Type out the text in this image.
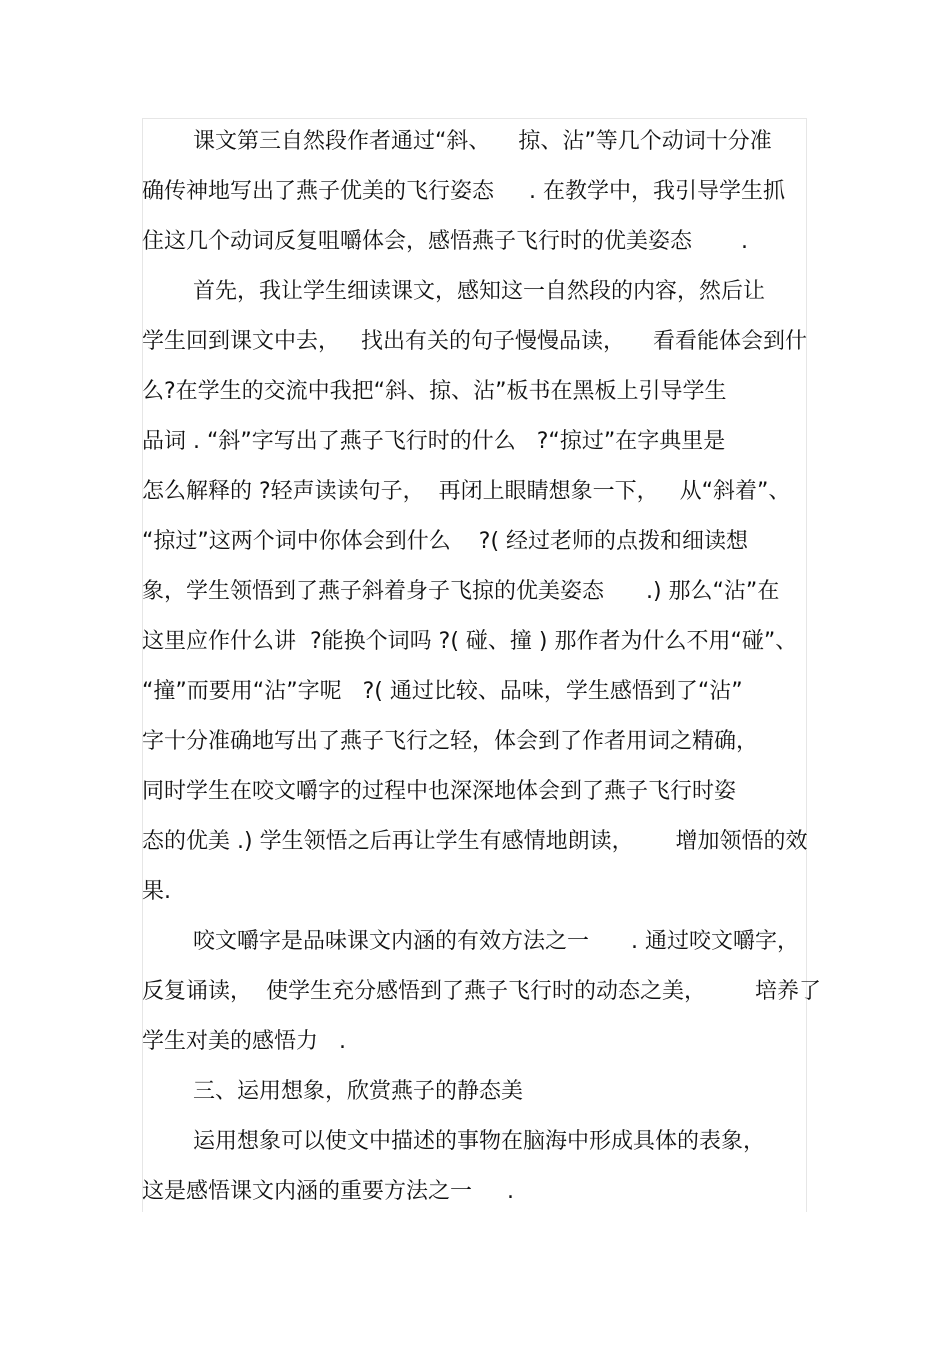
课文第三自然段作者通过“斜、    掠、沾”等几个动词十分准
确传神地写出了燕子优美的飞行姿态     . 在教学中，我引导学生抓
住这几个动词反复咀嚼体会，感悟燕子飞行时的优美姿态       .
首先，我让学生细读课文，感知这一自然段的内容，然后让
学生回到课文中去，   找出有关的句子慢慢品读，    看看能体会到什
么?在学生的交流中我把“斜、掠、沾”板书在黑板上引导学生
品词 . “斜”字写出了燕子飞行时的什么   ?“掠过”在字典里是
怎么解释的 ?轻声读读句子，  再闭上眼睛想象一下，   从“斜着”、
“掠过”这两个词中你体会到什么    ?( 经过老师的点拨和细读想
象，学生领悟到了燕子斜着身子飞掠的优美姿态      .) 那么“沾”在
这里应作什么讲  ?能换个词吗 ?( 碰、撞 ) 那作者为什么不用“碰”、
“撞”而要用“沾”字呢   ?( 通过比较、品味，学生感悟到了“沾”
字十分准确地写出了燕子飞行之轻，体会到了作者用词之精确，
同时学生在咬文嚼字的过程中也深深地体会到了燕子飞行时姿
态的优美 .) 学生领悟之后再让学生有感情地朗读，      增加领悟的效
果.
咬文嚼字是品味课文内涵的有效方法之一      . 通过咬文嚼字，
反复诵读，  使学生充分感悟到了燕子飞行时的动态之美，       培养了
学生对美的感悟力   .
三、运用想象，欣赏燕子的静态美
运用想象可以使文中描述的事物在脑海中形成具体的表象，
这是感悟课文内涵的重要方法之一     .
